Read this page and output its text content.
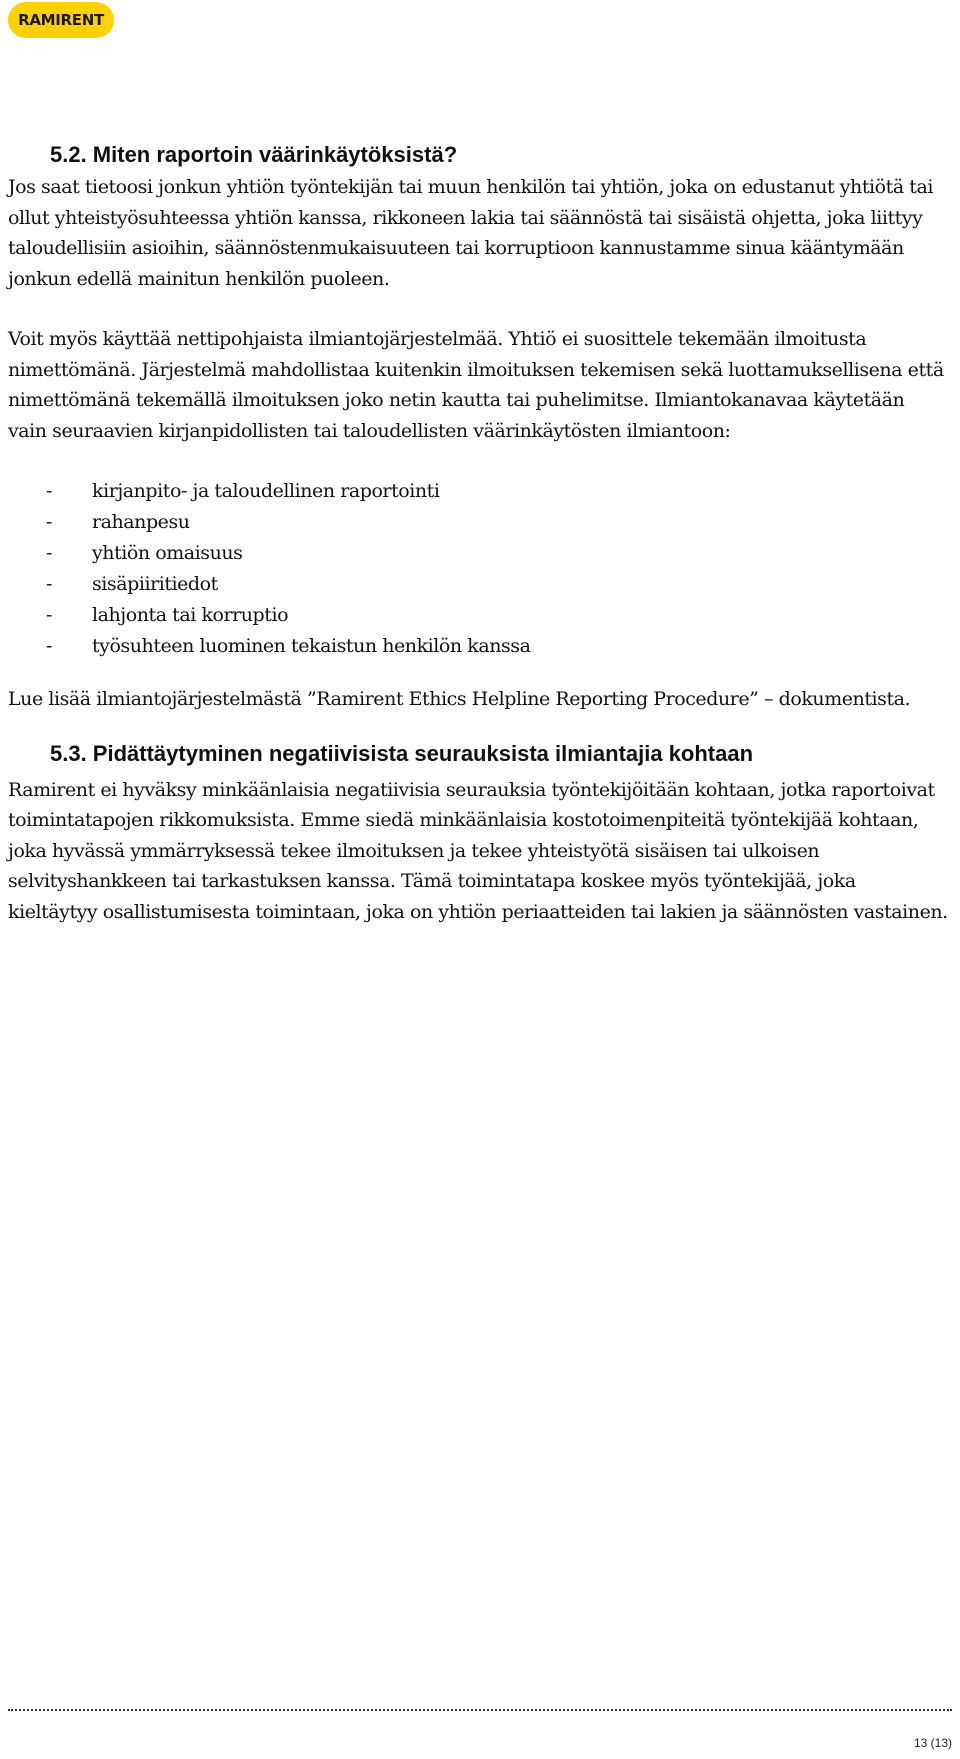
RAMIRENT
5.2. Miten raportoin väärinkäytöksistä?

Jos saat tietoosi jonkun yhtiön työntekijän tai muun henkilön tai yhtiön, joka on edustanut yhtiötä tai ollut yhteistyösuhteessa yhtiön kanssa, rikkoneen lakia tai säännöstä tai sisäistä ohjetta, joka liittyy taloudellisiin asioihin, säännöstenmukaisuuteen tai korruptioon kannustamme sinua kääntymään jonkun edellä mainitun henkilön puoleen.

Voit myös käyttää nettipohjaista ilmiantojärjestelmää. Yhtiö ei suosittele tekemään ilmoitusta nimettömänä. Järjestelmä mahdollistaa kuitenkin ilmoituksen tekemisen sekä luottamuksellisena että nimettömänä tekemällä ilmoituksen joko netin kautta tai puhelimitse. Ilmiantokanavaa käytetään vain seuraavien kirjanpidollisten tai taloudellisten väärinkäytösten ilmiantoon:

-	kirjanpito- ja taloudellinen raportointi
-	rahanpesu
-	yhtiön omaisuus
-	sisäpiiritiedot
-	lahjonta tai korruptio
-	työsuhteen luominen tekaistun henkilön kanssa

Lue lisää ilmiantojärjestelmästä ”Ramirent Ethics Helpline Reporting Procedure” – dokumentista.

5.3. Pidättäytyminen negatiivisista seurauksista ilmiantajia kohtaan

Ramirent ei hyväksy minkäänlaisia negatiivisia seurauksia työntekijöitään kohtaan, jotka raportoivat toimintatapojen rikkomuksista. Emme siedä minkäänlaisia kostotoimenpiteitä työntekijää kohtaan, joka hyvässä ymmärryksessä tekee ilmoituksen ja tekee yhteistyötä sisäisen tai ulkoisen selvityshankkeen tai tarkastuksen kanssa. Tämä toimintatapa koskee myös työntekijää, joka kieltäytyy osallistumisesta toimintaan, joka on yhtiön periaatteiden tai lakien ja säännösten vastainen.

13 (13)
